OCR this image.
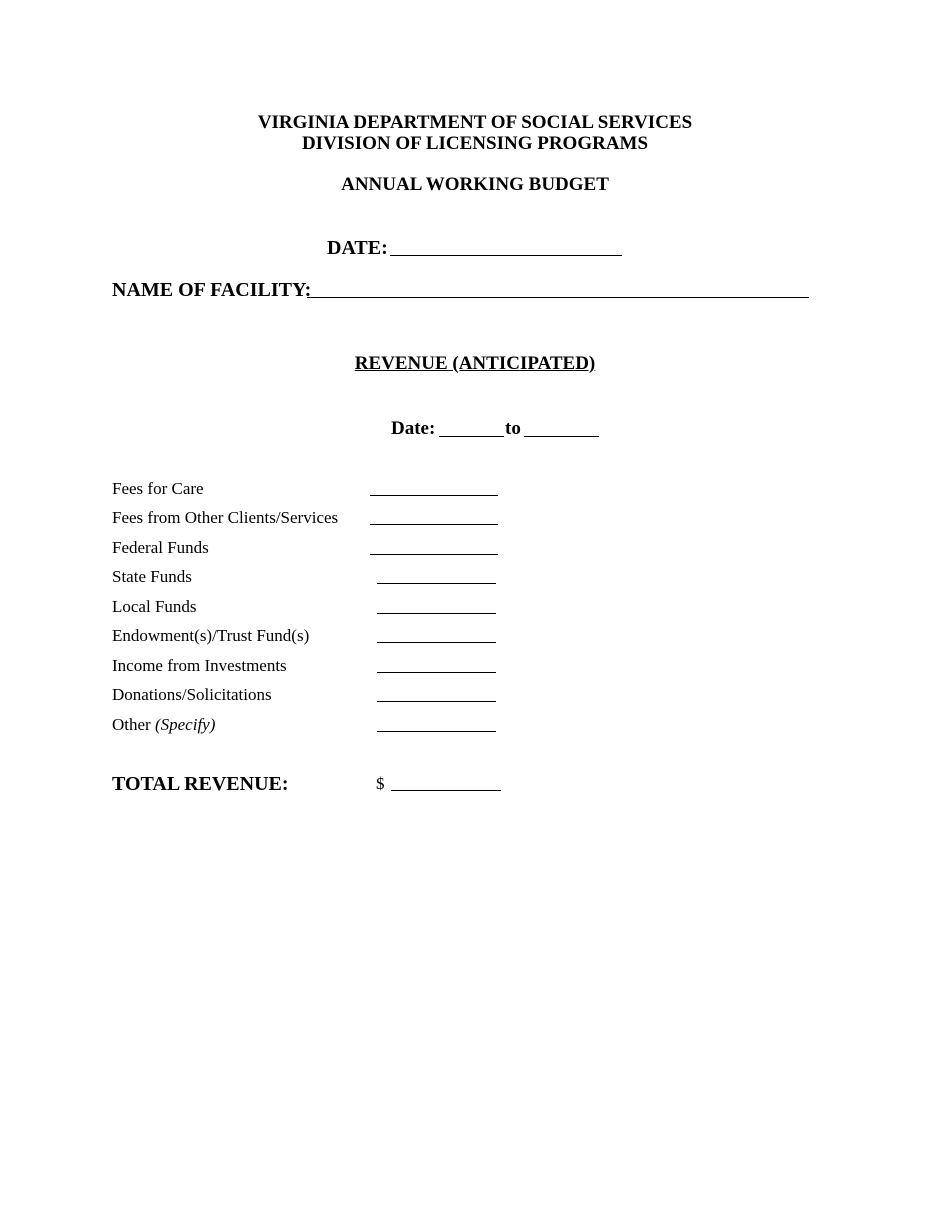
VIRGINIA DEPARTMENT OF SOCIAL SERVICES
DIVISION OF LICENSING PROGRAMS
ANNUAL WORKING BUDGET
DATE:
NAME OF FACILITY:
REVENUE (ANTICIPATED)
Date:	to
Fees for Care
Fees from Other Clients/Services
Federal Funds
State Funds
Local Funds
Endowment(s)/Trust Fund(s)
Income from Investments
Donations/Solicitations
Other (Specify)
TOTAL REVENUE:	$
